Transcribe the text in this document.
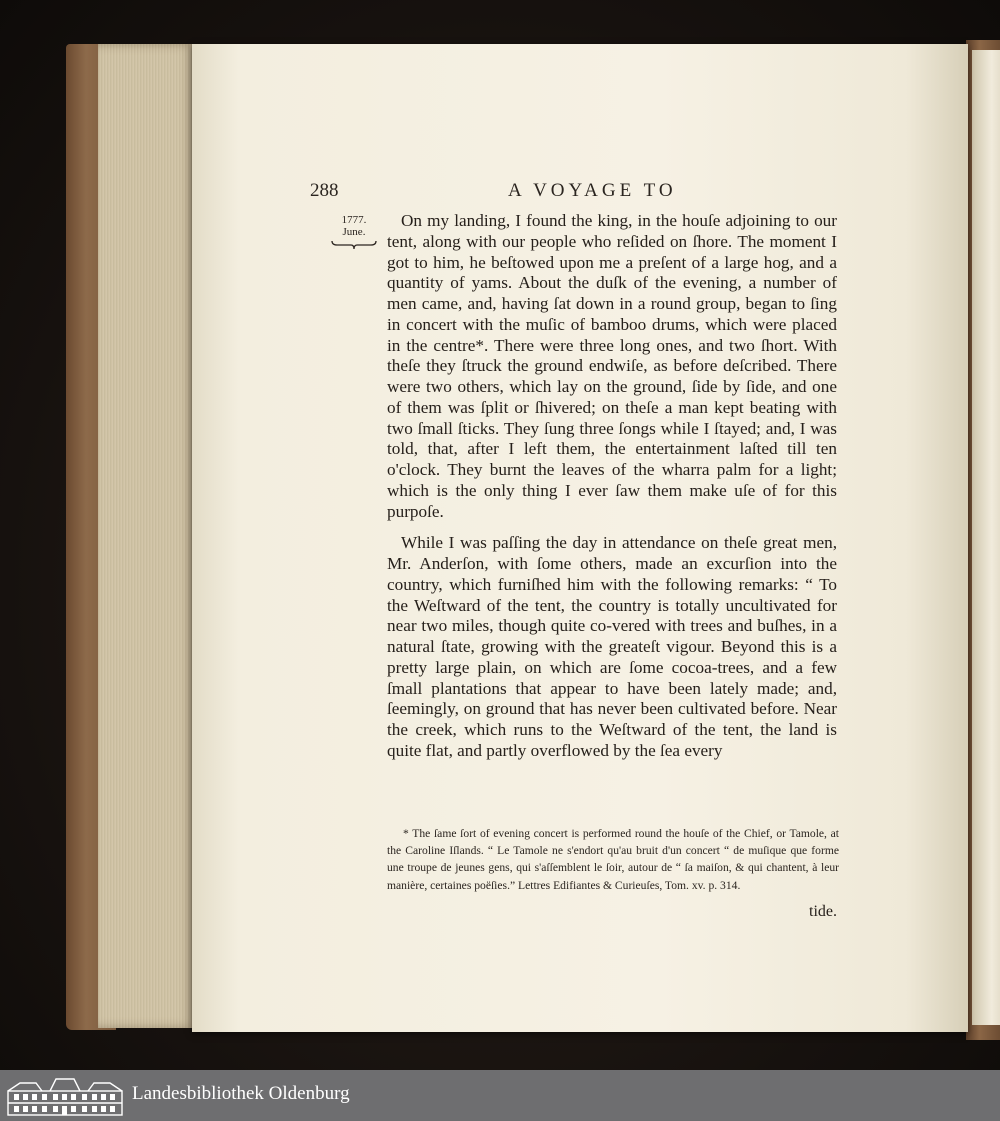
288	A VOYAGE TO
1777.
June.

On my landing, I found the king, in the houſe adjoining to our tent, along with our people who reſided on ſhore. The moment I got to him, he beſtowed upon me a preſent of a large hog, and a quantity of yams. About the duſk of the evening, a number of men came, and, having ſat down in a round group, began to ſing in concert with the muſic of bamboo drums, which were placed in the centre*. There were three long ones, and two ſhort. With theſe they ſtruck the ground endwiſe, as before deſcribed. There were two others, which lay on the ground, ſide by ſide, and one of them was ſplit or ſhivered; on theſe a man kept beating with two ſmall ſticks. They ſung three ſongs while I ſtayed; and, I was told, that, after I left them, the entertainment laſted till ten o'clock. They burnt the leaves of the wharra palm for a light; which is the only thing I ever ſaw them make uſe of for this purpoſe.

While I was paſſing the day in attendance on theſe great men, Mr. Anderſon, with ſome others, made an excurſion into the country, which furniſhed him with the following remarks: “ To the Weſtward of the tent, the country is totally uncultivated for near two miles, though quite co-vered with trees and buſhes, in a natural ſtate, growing with the greateſt vigour. Beyond this is a pretty large plain, on which are ſome cocoa-trees, and a few ſmall plantations that appear to have been lately made; and, ſeemingly, on ground that has never been cultivated before. Near the creek, which runs to the Weſtward of the tent, the land is quite flat, and partly overflowed by the ſea every

* The ſame ſort of evening concert is performed round the houſe of the Chief, or Tamole, at the Caroline Iſlands. “ Le Tamole ne s'endort qu'au bruit d'un concert “ de muſique que forme une troupe de jeunes gens, qui s'aſſemblent le ſoir, autour de “ ſa maiſon, & qui chantent, à leur manière, certaines poëſies.” Lettres Edifiantes & Curieuſes, Tom. xv. p. 314.

tide.
Landesbibliothek Oldenburg
